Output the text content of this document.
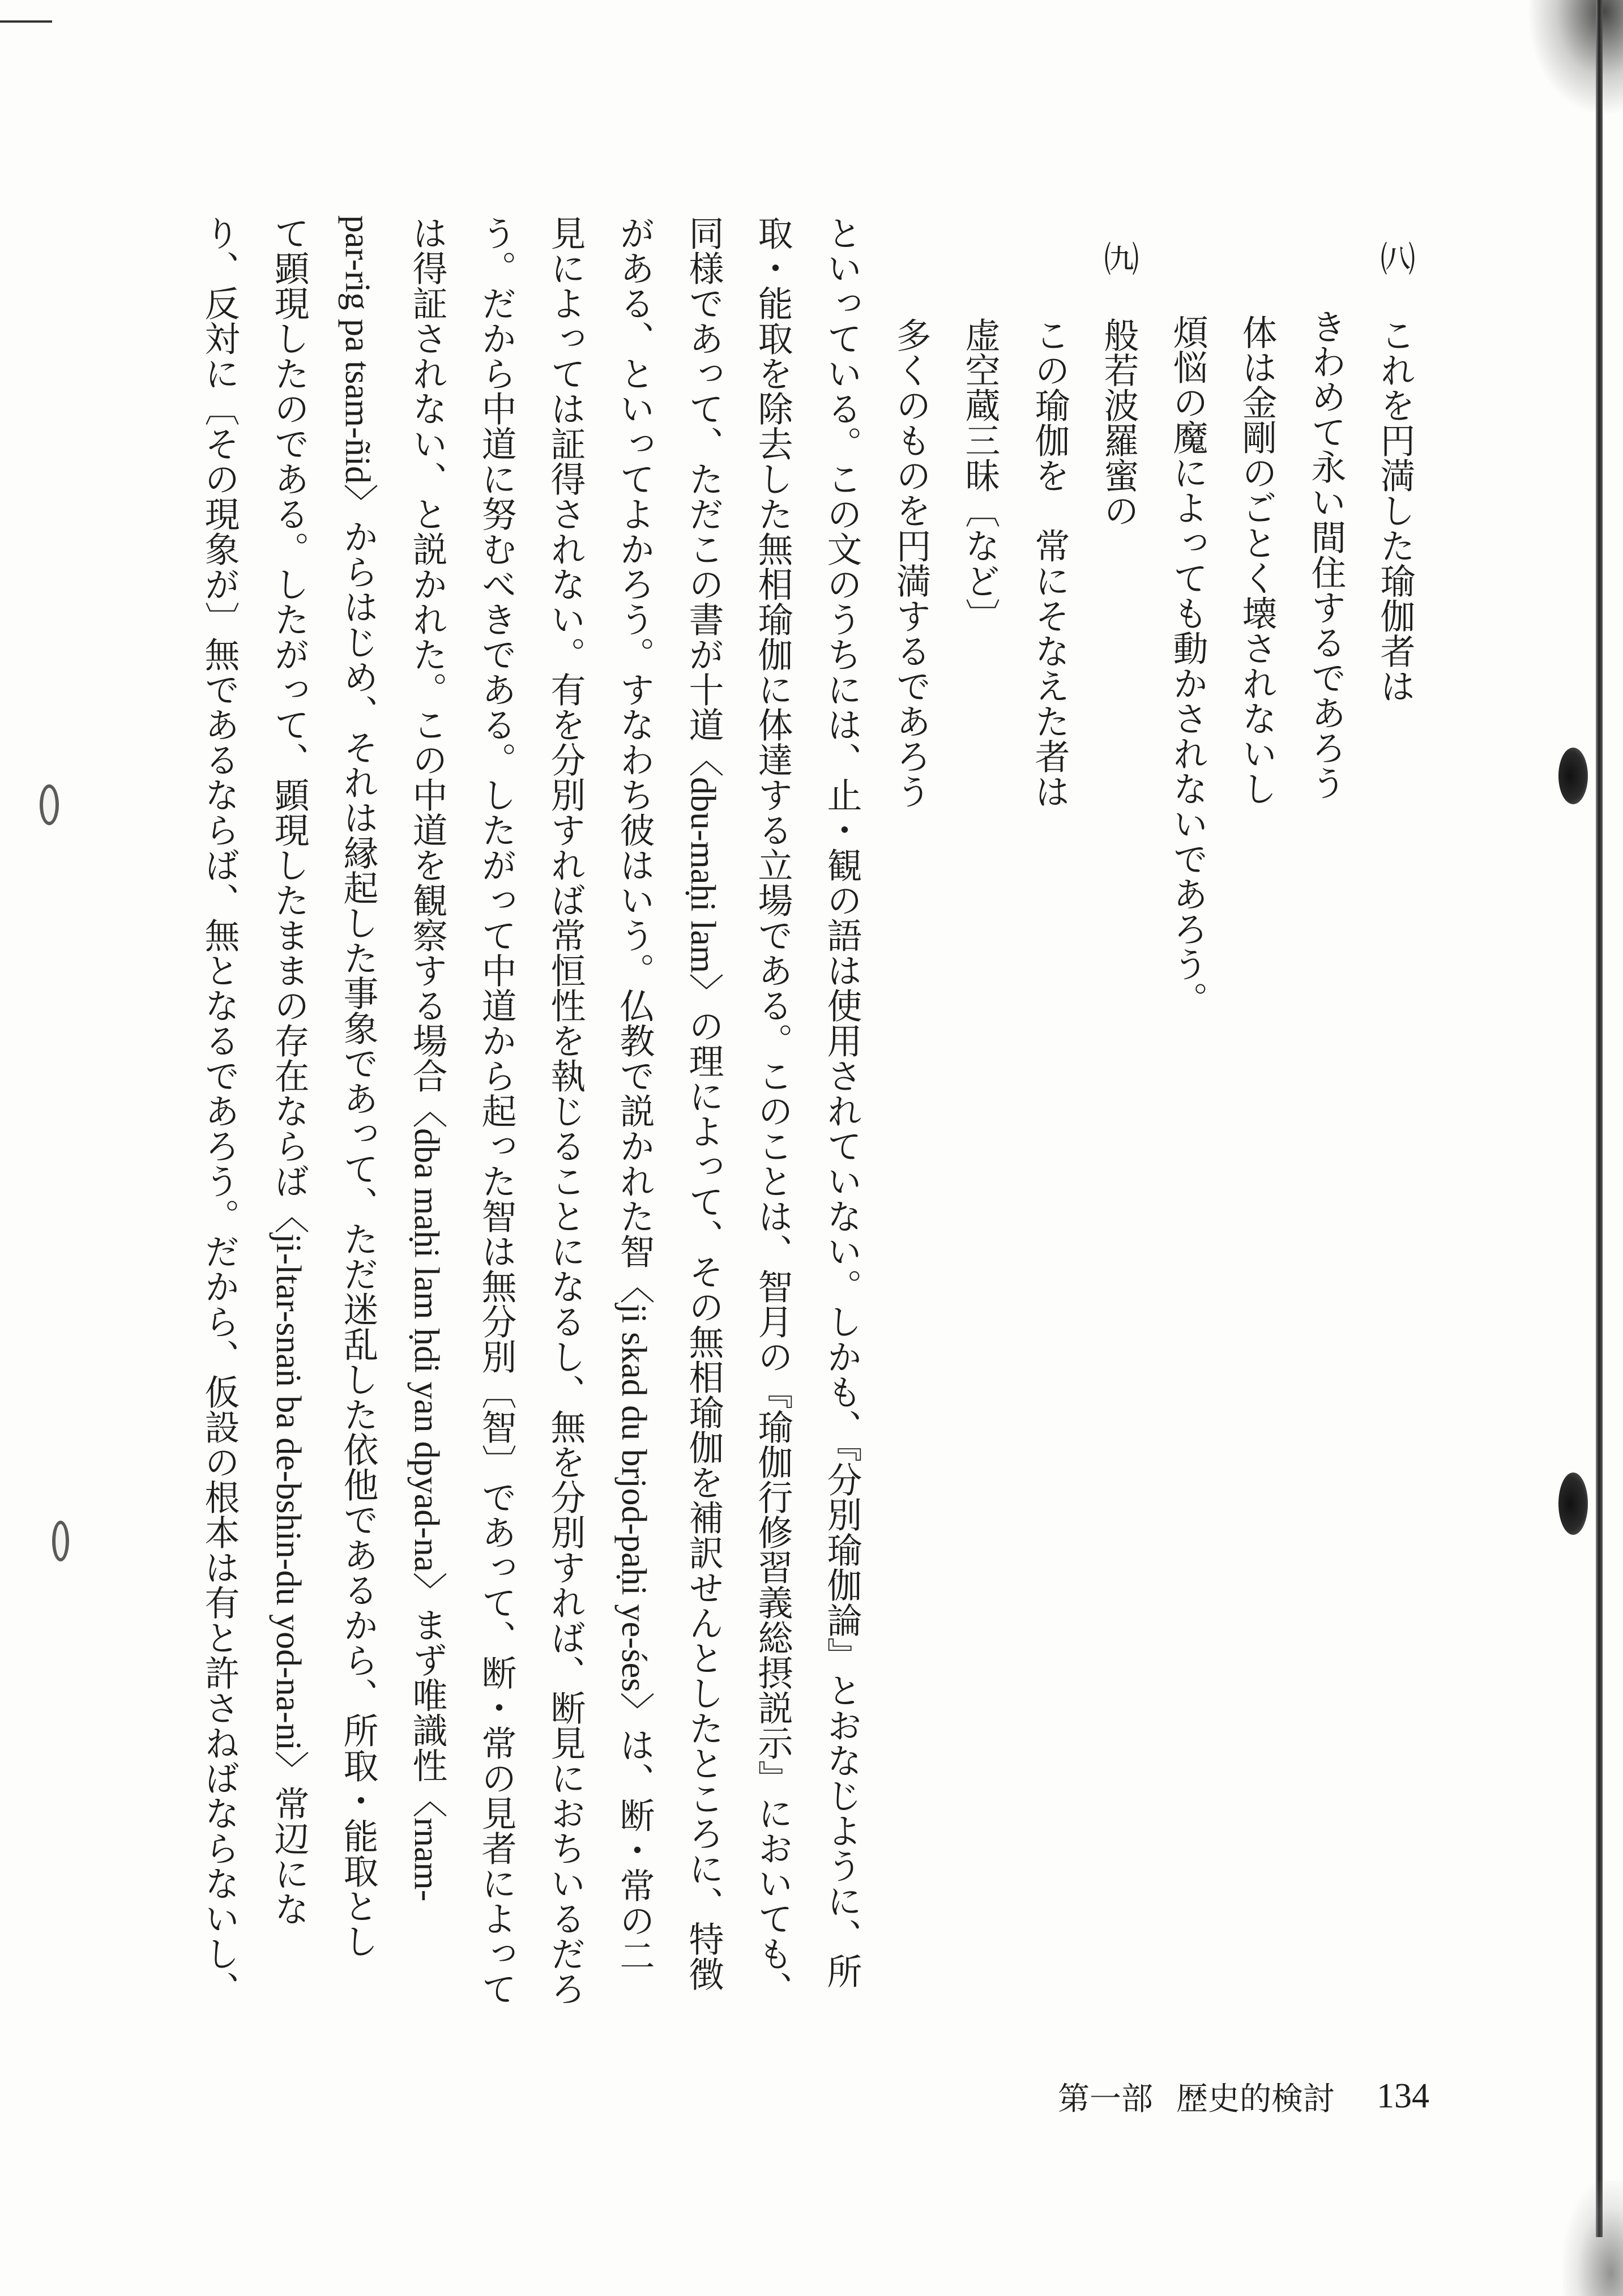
㈧
これを円満した瑜伽者は
きわめて永い間住するであろう
体は金剛のごとく壊されないし
煩悩の魔によっても動かされないであろう。
㈨
般若波羅蜜の
この瑜伽を　常にそなえた者は
虚空蔵三昧〔など〕
多くのものを円満するであろう
といっている。この文のうちには、止・観の語は使用されていない。しかも、『分別瑜伽論』とおなじように、所
取・能取を除去した無相瑜伽に体達する立場である。このことは、智月の『瑜伽行修習義総摂説示』においても、
同様であって、ただこの書が十道〈dbu-maḥi lam〉の理によって、その無相瑜伽を補訳せんとしたところに、特徴
がある、といってよかろう。すなわち彼はいう。仏教で説かれた智〈ji skad du brjod-paḥi ye-śes〉は、断・常の二
見によっては証得されない。有を分別すれば常恒性を執じることになるし、無を分別すれば、断見におちいるだろ
う。だから中道に努むべきである。したがって中道から起った智は無分別〔智〕であって、断・常の見者によって
は得証されない、と説かれた。この中道を観察する場合〈dba maḥi lam ḥdi yan dpyad-na〉まず唯識性〈rnam-
par-rig pa tsam-ñid〉からはじめ、それは縁起した事象であって、ただ迷乱した依他であるから、所取・能取とし
て顕現したのである。したがって、顕現したままの存在ならば〈ji-ltar-snaṅ ba de-bshin-du yod-na-ni〉常辺にな
り、反対に〔その現象が〕無であるならば、無となるであろう。だから、仮設の根本は有と許さねばならないし、
第一部 歴史的検討 134
